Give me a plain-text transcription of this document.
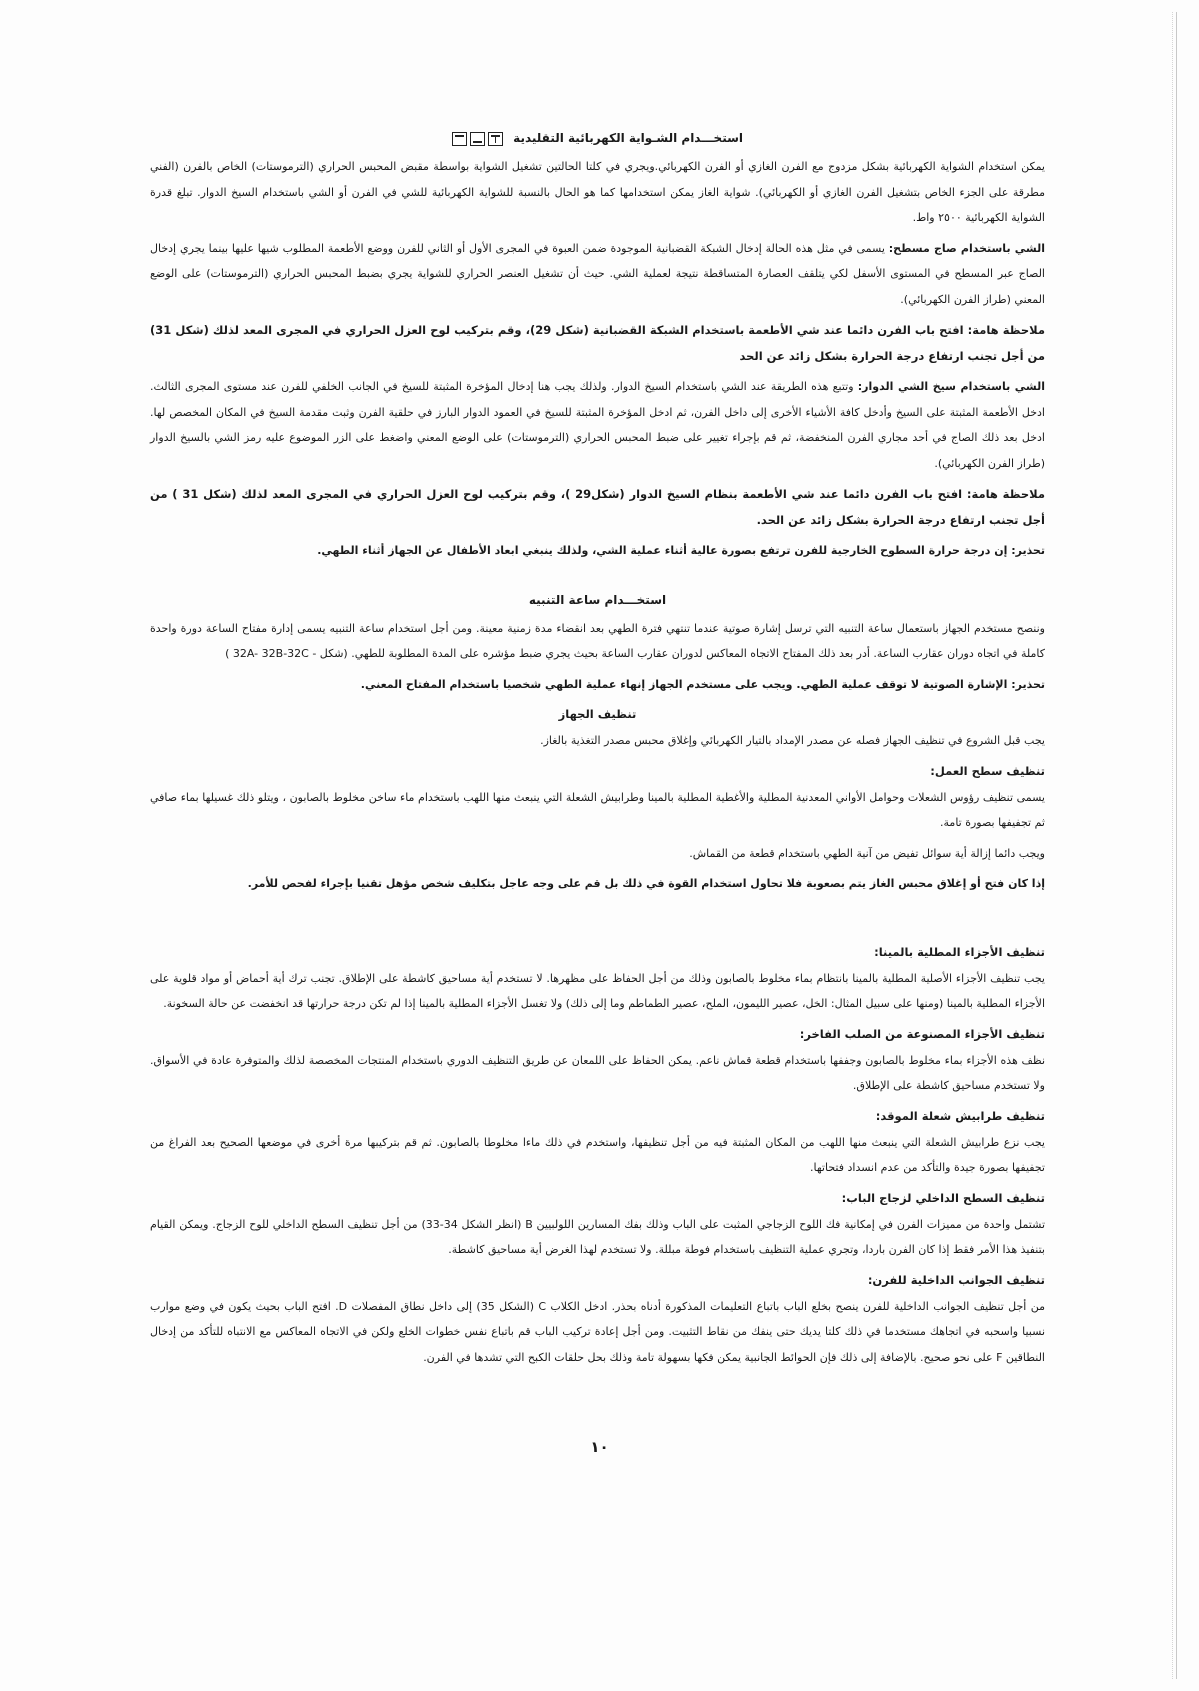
استخـــدام الشـواية الكهربائية التقليدية

يمكن استخدام الشواية الكهربائية بشكل مزدوج مع الفرن الغازي أو الفرن الكهربائي.ويجري في كلتا الحالتين تشغيل الشواية بواسطة مقبض المحبس الحراري (الترموستات) الخاص بالفرن (الفني مطرقة على الجزء الخاص بتشغيل الفرن الغازي أو الكهربائي). شواية الغاز يمكن استخدامها كما هو الحال بالنسبة للشواية الكهربائية للشي في الفرن أو الشي باستخدام السيخ الدوار. تبلغ قدرة الشواية الكهربائية ٢٥٠٠ واط.

الشي باستخدام صاج مسطح: يسمى في مثل هذه الحالة إدخال الشبكة القضبانية الموجودة ضمن العبوة في المجرى الأول أو الثاني للفرن ووضع الأطعمة المطلوب شيها عليها بينما يجري إدخال الصاج عبر المسطح في المستوى الأسفل لكي يتلقف العصارة المتساقطة نتيجة لعملية الشي. حيث أن تشغيل العنصر الحراري للشواية يجري بضبط المحبس الحراري (الترموستات) على الوضع المعني (طراز الفرن الكهربائي).

ملاحظة هامة: افتح باب الفرن دائما عند شي الأطعمة باستخدام الشبكة القضبانية (شكل 29)، وقم بتركيب لوح العزل الحراري في المجرى المعد لذلك (شكل 31) من أجل تجنب ارتفاع درجة الحرارة بشكل زائد عن الحد

الشي باستخدام سيخ الشي الدوار: وتتبع هذه الطريقة عند الشي باستخدام السيخ الدوار. ولذلك يجب هنا إدخال المؤخرة المثبتة للسيخ في الجانب الخلفي للفرن عند مستوى المجرى الثالث. ادخل الأطعمة المثبتة على السيخ وأدخل كافة الأشياء الأخرى إلى داخل الفرن، ثم ادخل المؤخرة المثبتة للسيخ في العمود الدوار البارز في حلقية الفرن وثبت مقدمة السيخ في المكان المخصص لها. ادخل بعد ذلك الصاج في أحد مجاري الفرن المنخفضة، ثم قم بإجراء تغيير على ضبط المحبس الحراري (الترموستات) على الوضع المعني واضغط على الزر الموضوع عليه رمز الشي بالسيخ الدوار (طراز الفرن الكهربائي).

ملاحظة هامة: افتح باب الفرن دائما عند شي الأطعمة بنظام السيخ الدوار (شكل29 )، وقم بتركيب لوح العزل الحراري في المجرى المعد لذلك (شكل 31 ) من أجل تجنب ارتفاع درجة الحرارة بشكل زائد عن الحد.

تحذير: إن درجة حرارة السطوح الخارجية للفرن ترتفع بصورة عالية أثناء عملية الشي، ولذلك ينبغي ابعاد الأطفال عن الجهاز أثناء الطهي.

استخـــدام ساعة التنبيه

وننصح مستخدم الجهاز باستعمال ساعة التنبيه التي ترسل إشارة صوتية عندما تنتهي فترة الطهي بعد انقضاء مدة زمنية معينة. ومن أجل استخدام ساعة التنبيه يسمى إدارة مفتاح الساعة دورة واحدة كاملة في اتجاه دوران عقارب الساعة. أدر بعد ذلك المفتاح الاتجاه المعاكس لدوران عقارب الساعة بحيث يجري ضبط مؤشره على المدة المطلوبة للطهي. (شكل - 32A- 32B-32C )

تحذير: الإشارة الصوتية لا توقف عملية الطهي. ويجب على مستخدم الجهاز إنهاء عملية الطهي شخصيا باستخدام المفتاح المعني.

تنظيف الجهاز

يجب قبل الشروع في تنظيف الجهاز فصله عن مصدر الإمداد بالتيار الكهربائي وإغلاق محبس مصدر التغذية بالغاز.

تنظيف سطح العمل:

يسمى تنظيف رؤوس الشعلات وحوامل الأواني المعدنية المطلية والأغطية المطلية بالمينا وطرابيش الشعلة التي ينبعث منها اللهب باستخدام ماء ساخن مخلوط بالصابون ، ويتلو ذلك غسيلها بماء صافي ثم تجفيفها بصورة تامة.

ويجب دائما إزالة أية سوائل تفيض من آنية الطهي باستخدام قطعة من القماش.

إذا كان فتح أو إغلاق محبس الغاز يتم بصعوبة فلا تحاول استخدام القوة في ذلك بل قم على وجه عاجل بتكليف شخص مؤهل تقنيا بإجراء لفحص للأمر.

تنظيف الأجزاء المطلية بالمينا:

يجب تنظيف الأجزاء الأصلية المطلية بالمينا بانتظام بماء مخلوط بالصابون وذلك من أجل الحفاظ على مظهرها. لا تستخدم أية مساحيق كاشطة على الإطلاق. تجنب ترك أية أحماض أو مواد قلوية على الأجزاء المطلية بالمينا (ومنها على سبيل المثال: الخل، عصير الليمون، الملح، عصير الطماطم وما إلى ذلك) ولا تغسل الأجزاء المطلية بالمينا إذا لم تكن درجة حرارتها قد انخفضت عن حالة السخونة.

تنظيف الأجزاء المصنوعة من الصلب الفاخر:

نظف هذه الأجزاء بماء مخلوط بالصابون وجففها باستخدام قطعة قماش ناعم. يمكن الحفاظ على اللمعان عن طريق التنظيف الدوري باستخدام المنتجات المخصصة لذلك والمتوفرة عادة في الأسواق. ولا تستخدم مساحيق كاشطة على الإطلاق.

تنظيف طرابيش شعلة الموقد:

يجب نزع طرابيش الشعلة التي ينبعث منها اللهب من المكان المثبتة فيه من أجل تنظيفها، واستخدم في ذلك ماءا مخلوطا بالصابون. ثم قم بتركيبها مرة أخرى في موضعها الصحيح بعد الفراغ من تجفيفها بصورة جيدة والتأكد من عدم انسداد فتحاتها.

تنظيف السطح الداخلي لزجاج الباب:

تشتمل واحدة من مميزات الفرن في إمكانية فك اللوح الزجاجي المثبت على الباب وذلك بفك المسارين اللولبيين B (انظر الشكل 34-33) من أجل تنظيف السطح الداخلي للوح الزجاج. ويمكن القيام بتنفيذ هذا الأمر فقط إذا كان الفرن باردا، وتجري عملية التنظيف باستخدام فوطة مبللة. ولا تستخدم لهذا الغرض أية مساحيق كاشطة.

تنظيف الجوانب الداخلية للفرن:

من أجل تنظيف الجوانب الداخلية للفرن ينصح بخلع الباب باتباع التعليمات المذكورة أدناه بحذر. ادخل الكلاب C (الشكل 35) إلى داخل نطاق المفصلات D. افتح الباب بحيث يكون في وضع موارب نسبيا واسحبه في اتجاهك مستخدما في ذلك كلتا يديك حتى ينفك من نقاط التثبيت. ومن أجل إعادة تركيب الباب قم باتباع نفس خطوات الخلع ولكن في الاتجاه المعاكس مع الانتباه للتأكد من إدخال النطاقين F على نحو صحيح. بالإضافة إلى ذلك فإن الحوائط الجانبية يمكن فكها بسهولة تامة وذلك بحل حلقات الكبح التي تشدها في الفرن.

١٠
